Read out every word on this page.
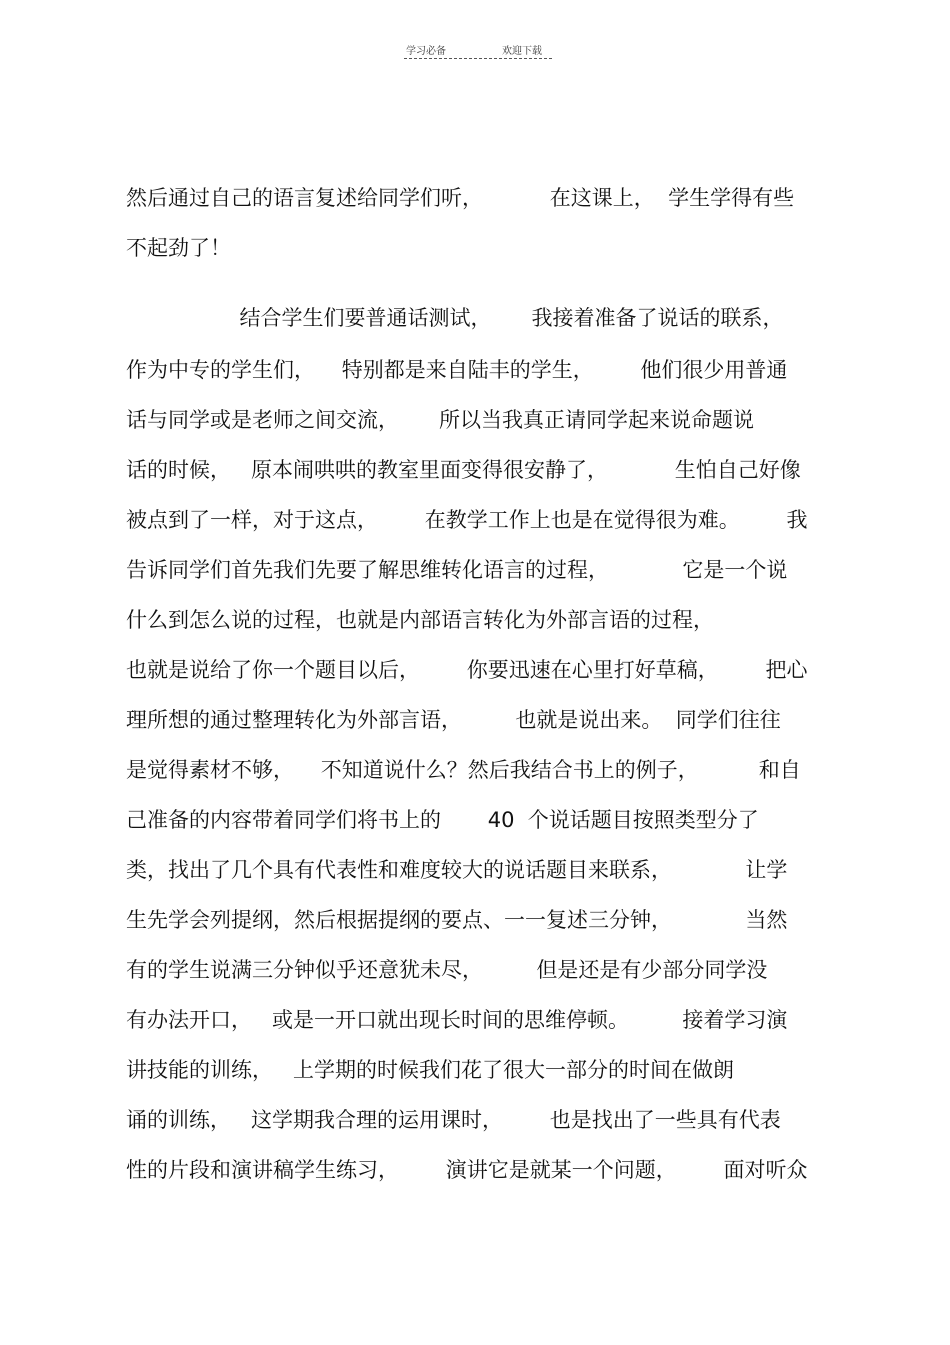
学习必备	欢迎下载
然后通过自己的语言复述给同学们听，          在这课上，  学生学得有些
不起劲了！
结合学生们要普通话测试，      我接着准备了说话的联系，
作为中专的学生们，    特别都是来自陆丰的学生，       他们很少用普通
话与同学或是老师之间交流，      所以当我真正请同学起来说命题说
话的时候，   原本闹哄哄的教室里面变得很安静了，          生怕自己好像
被点到了一样，对于这点，       在教学工作上也是在觉得很为难。       我
告诉同学们首先我们先要了解思维转化语言的过程，           它是一个说
什么到怎么说的过程，也就是内部语言转化为外部言语的过程，
也就是说给了你一个题目以后，       你要迅速在心里打好草稿，       把心
理所想的通过整理转化为外部言语，        也就是说出来。  同学们往往
是觉得素材不够，    不知道说什么？然后我结合书上的例子，         和自
己准备的内容带着同学们将书上的       40  个说话题目按照类型分了
类，找出了几个具有代表性和难度较大的说话题目来联系，           让学
生先学会列提纲，然后根据提纲的要点、一一复述三分钟，           当然
有的学生说满三分钟似乎还意犹未尽，        但是还是有少部分同学没
有办法开口，   或是一开口就出现长时间的思维停顿。        接着学习演
讲技能的训练，   上学期的时候我们花了很大一部分的时间在做朗
诵的训练，   这学期我合理的运用课时，       也是找出了一些具有代表
性的片段和演讲稿学生练习，       演讲它是就某一个问题，       面对听众
